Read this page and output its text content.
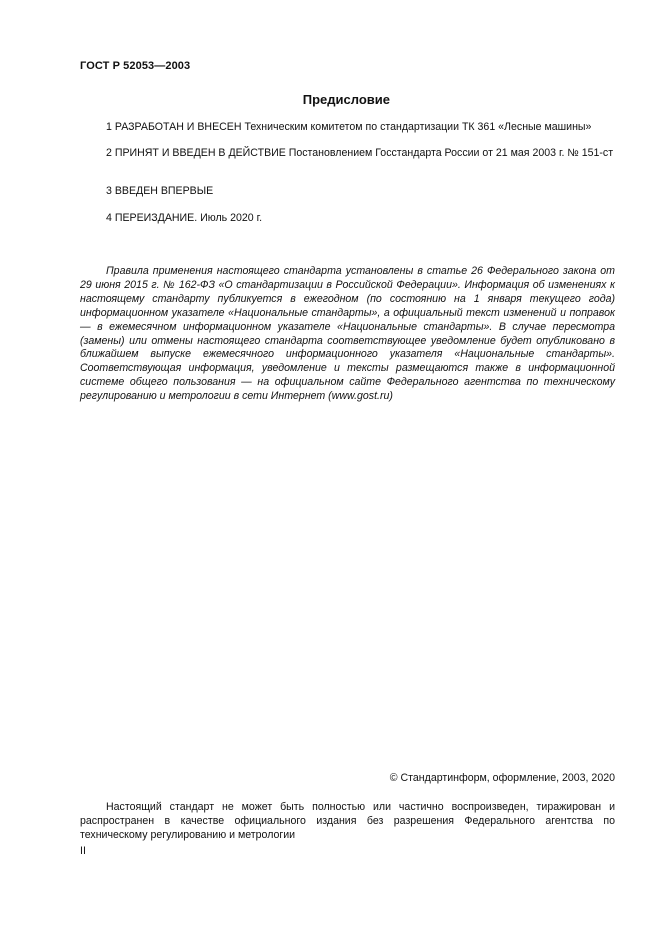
ГОСТ Р 52053—2003
Предисловие
1 РАЗРАБОТАН И ВНЕСЕН Техническим комитетом по стандартизации ТК 361 «Лесные машины»
2 ПРИНЯТ И ВВЕДЕН В ДЕЙСТВИЕ Постановлением Госстандарта России от 21 мая 2003 г. № 151-ст
3 ВВЕДЕН ВПЕРВЫЕ
4 ПЕРЕИЗДАНИЕ. Июль 2020 г.
Правила применения настоящего стандарта установлены в статье 26 Федерального закона от 29 июня 2015 г. № 162-ФЗ «О стандартизации в Российской Федерации». Информация об изменениях к настоящему стандарту публикуется в ежегодном (по состоянию на 1 января текущего года) информационном указателе «Национальные стандарты», а официальный текст изменений и поправок — в ежемесячном информационном указателе «Национальные стандарты». В случае пересмотра (замены) или отмены настоящего стандарта соответствующее уведомление будет опубликовано в ближайшем выпуске ежемесячного информационного указателя «Национальные стандарты». Соответствующая информация, уведомление и тексты размещаются также в информационной системе общего пользования — на официальном сайте Федерального агентства по техническому регулированию и метрологии в сети Интернет (www.gost.ru)
© Стандартинформ, оформление, 2003, 2020
Настоящий стандарт не может быть полностью или частично воспроизведен, тиражирован и распространен в качестве официального издания без разрешения Федерального агентства по техническому регулированию и метрологии
II
